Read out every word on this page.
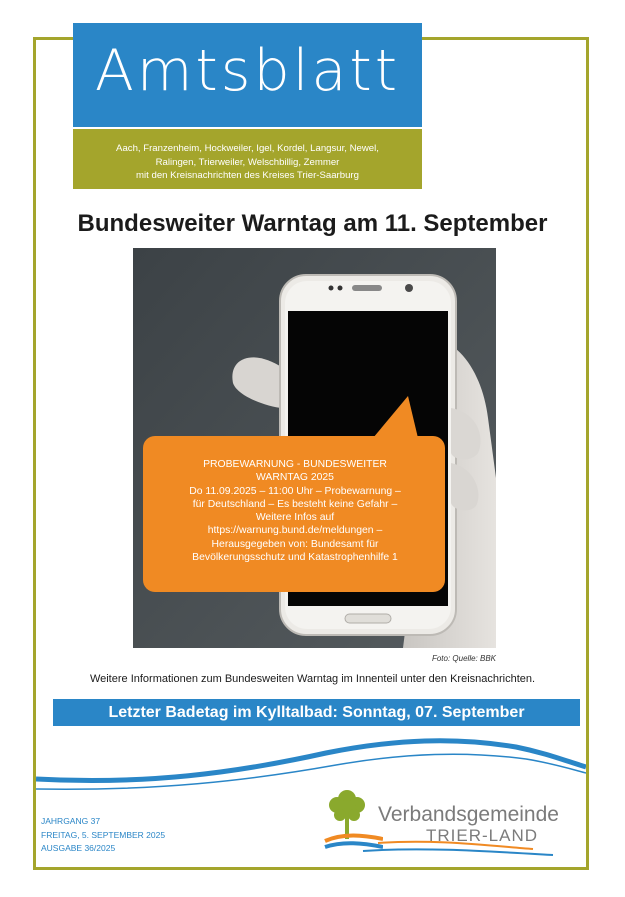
Amtsblatt
Aach, Franzenheim, Hockweiler, Igel, Kordel, Langsur, Newel,
Ralingen, Trierweiler, Welschbillig, Zemmer
mit den Kreisnachrichten des Kreises Trier-Saarburg
Bundesweiter Warntag am 11. September
PROBEWARNUNG - BUNDESWEITER
WARNTAG 2025
Do 11.09.2025 – 11:00 Uhr – Probewarnung –
für Deutschland – Es besteht keine Gefahr –
Weitere Infos auf
https://warnung.bund.de/meldungen –
Herausgegeben von: Bundesamt für
Bevölkerungsschutz und Katastrophenhilfe 1
Foto: Quelle: BBK
Weitere Informationen zum Bundesweiten Warntag im Innenteil unter den Kreisnachrichten.
Letzter Badetag im Kylltalbad: Sonntag, 07. September
JAHRGANG 37
FREITAG, 5. SEPTEMBER 2025
AUSGABE 36/2025
Verbandsgemeinde
TRIER-LAND
